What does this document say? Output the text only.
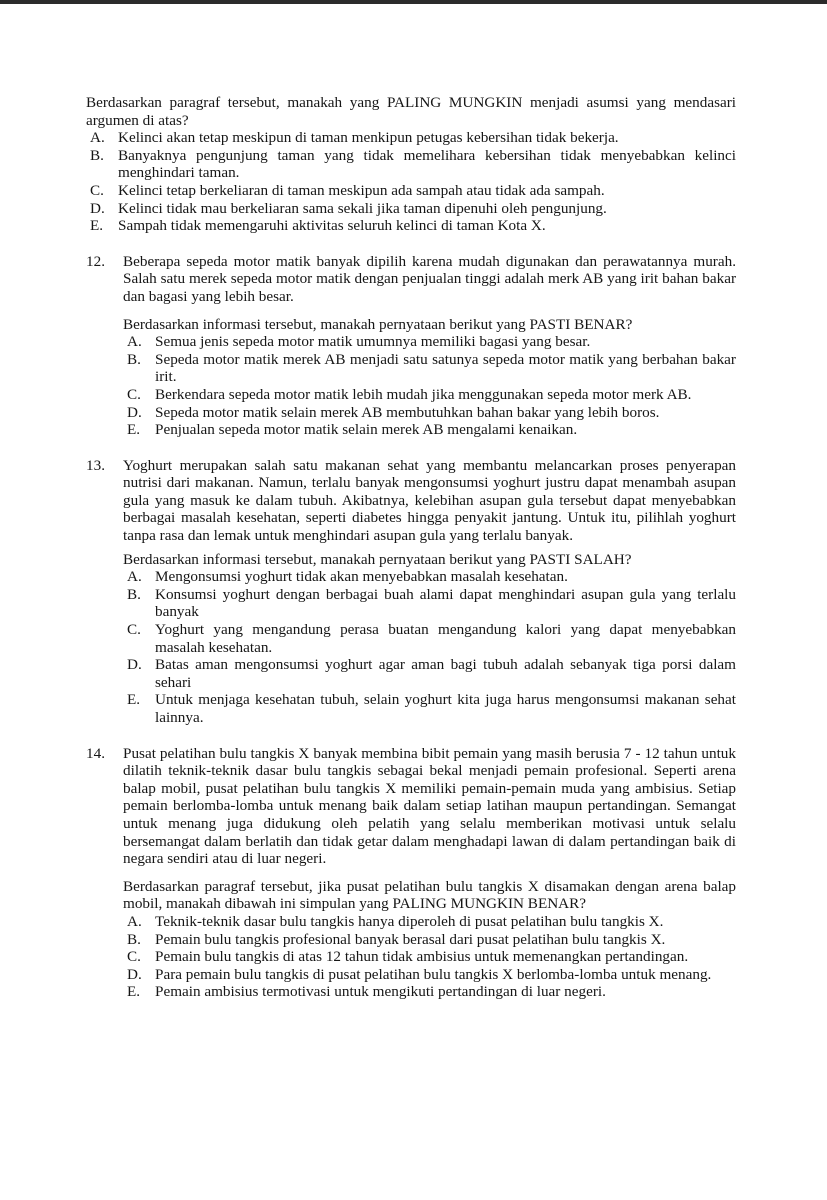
Berdasarkan paragraf tersebut, manakah yang PALING MUNGKIN menjadi asumsi yang mendasari argumen di atas?

A. Kelinci akan tetap meskipun di taman menkipun petugas kebersihan tidak bekerja.
B. Banyaknya pengunjung taman yang tidak memelihara kebersihan tidak menyebabkan kelinci menghindari taman.
C. Kelinci tetap berkeliaran di taman meskipun ada sampah atau tidak ada sampah.
D. Kelinci tidak mau berkeliaran sama sekali jika taman dipenuhi oleh pengunjung.
E. Sampah tidak memengaruhi aktivitas seluruh kelinci di taman Kota X.
12. Beberapa sepeda motor matik banyak dipilih karena mudah digunakan dan perawatannya murah. Salah satu merek sepeda motor matik dengan penjualan tinggi adalah merk AB yang irit bahan bakar dan bagasi yang lebih besar.

Berdasarkan informasi tersebut, manakah pernyataan berikut yang PASTI BENAR?

A. Semua jenis sepeda motor matik umumnya memiliki bagasi yang besar.
B. Sepeda motor matik merek AB menjadi satu satunya sepeda motor matik yang berbahan bakar irit.
C. Berkendara sepeda motor matik lebih mudah jika menggunakan sepeda motor merk AB.
D. Sepeda motor matik selain merek AB membutuhkan bahan bakar yang lebih boros.
E. Penjualan sepeda motor matik selain merek AB mengalami kenaikan.
13. Yoghurt merupakan salah satu makanan sehat yang membantu melancarkan proses penyerapan nutrisi dari makanan. Namun, terlalu banyak mengonsumsi yoghurt justru dapat menambah asupan gula yang masuk ke dalam tubuh. Akibatnya, kelebihan asupan gula tersebut dapat menyebabkan berbagai masalah kesehatan, seperti diabetes hingga penyakit jantung. Untuk itu, pilihlah yoghurt tanpa rasa dan lemak untuk menghindari asupan gula yang terlalu banyak.

Berdasarkan informasi tersebut, manakah pernyataan berikut yang PASTI SALAH?

A. Mengonsumsi yoghurt tidak akan menyebabkan masalah kesehatan.
B. Konsumsi yoghurt dengan berbagai buah alami dapat menghindari asupan gula yang terlalu banyak
C. Yoghurt yang mengandung perasa buatan mengandung kalori yang dapat menyebabkan masalah kesehatan.
D. Batas aman mengonsumsi yoghurt agar aman bagi tubuh adalah sebanyak tiga porsi dalam sehari
E. Untuk menjaga kesehatan tubuh, selain yoghurt kita juga harus mengonsumsi makanan sehat lainnya.
14. Pusat pelatihan bulu tangkis X banyak membina bibit pemain yang masih berusia 7 - 12 tahun untuk dilatih teknik-teknik dasar bulu tangkis sebagai bekal menjadi pemain profesional. Seperti arena balap mobil, pusat pelatihan bulu tangkis X memiliki pemain-pemain muda yang ambisius. Setiap pemain berlomba-lomba untuk menang baik dalam setiap latihan maupun pertandingan. Semangat untuk menang juga didukung oleh pelatih yang selalu memberikan motivasi untuk selalu bersemangat dalam berlatih dan tidak getar dalam menghadapi lawan di dalam pertandingan baik di negara sendiri atau di luar negeri.

Berdasarkan paragraf tersebut, jika pusat pelatihan bulu tangkis X disamakan dengan arena balap mobil, manakah dibawah ini simpulan yang PALING MUNGKIN BENAR?

A. Teknik-teknik dasar bulu tangkis hanya diperoleh di pusat pelatihan bulu tangkis X.
B. Pemain bulu tangkis profesional banyak berasal dari pusat pelatihan bulu tangkis X.
C. Pemain bulu tangkis di atas 12 tahun tidak ambisius untuk memenangkan pertandingan.
D. Para pemain bulu tangkis di pusat pelatihan bulu tangkis X berlomba-lomba untuk menang.
E. Pemain ambisius termotivasi untuk mengikuti pertandingan di luar negeri.
